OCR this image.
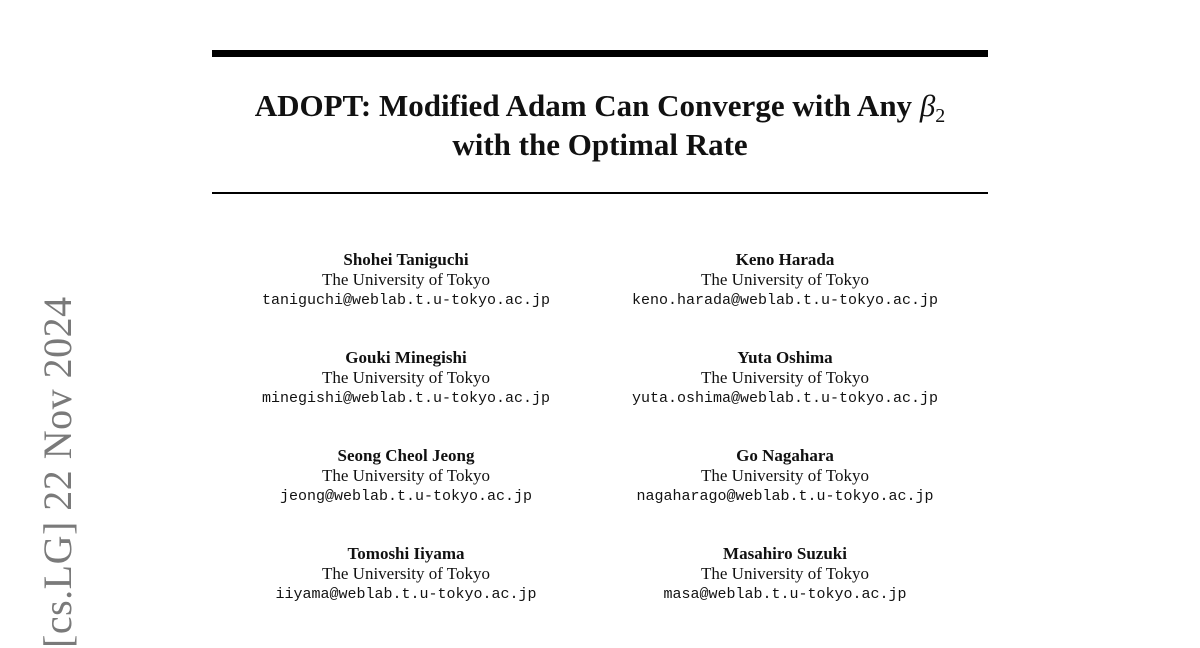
[cs.LG] 22 Nov 2024
ADOPT: Modified Adam Can Converge with Any $\beta_2$
with the Optimal Rate
Shohei Taniguchi
The University of Tokyo
taniguchi@weblab.t.u-tokyo.ac.jp
Keno Harada
The University of Tokyo
keno.harada@weblab.t.u-tokyo.ac.jp
Gouki Minegishi
The University of Tokyo
minegishi@weblab.t.u-tokyo.ac.jp
Yuta Oshima
The University of Tokyo
yuta.oshima@weblab.t.u-tokyo.ac.jp
Seong Cheol Jeong
The University of Tokyo
jeong@weblab.t.u-tokyo.ac.jp
Go Nagahara
The University of Tokyo
nagaharago@weblab.t.u-tokyo.ac.jp
Tomoshi Iiyama
The University of Tokyo
iiyama@weblab.t.u-tokyo.ac.jp
Masahiro Suzuki
The University of Tokyo
masa@weblab.t.u-tokyo.ac.jp
